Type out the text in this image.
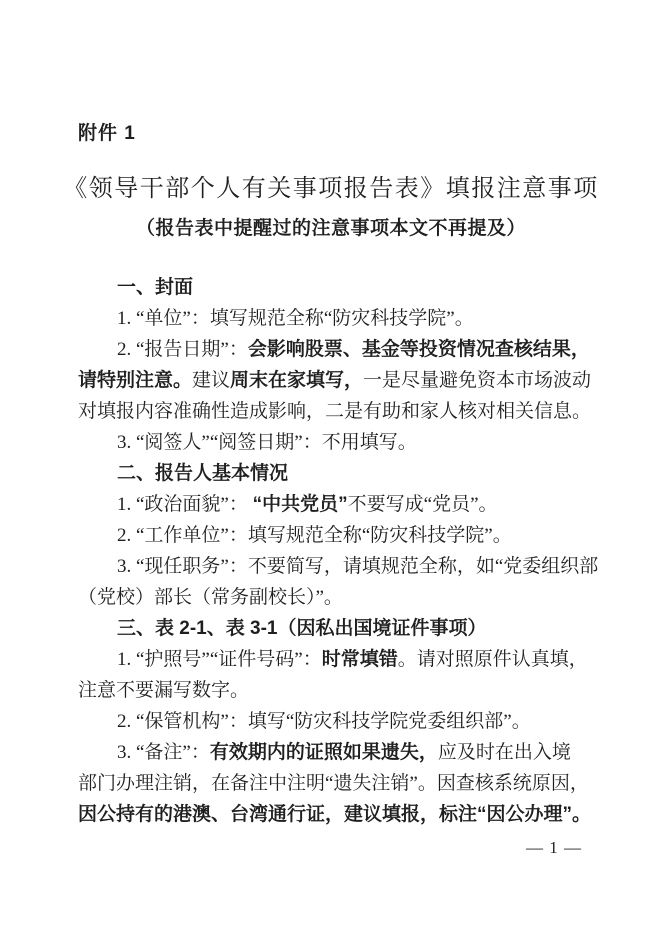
附件 1
《领导干部个人有关事项报告表》填报注意事项
（报告表中提醒过的注意事项本文不再提及）
一、封面
1. “单位”：填写规范全称“防灾科技学院”。
2. “报告日期”：会影响股票、基金等投资情况查核结果，
请特别注意。建议周末在家填写，一是尽量避免资本市场波动
对填报内容准确性造成影响，二是有助和家人核对相关信息。
3. “阅签人”“阅签日期”：不用填写。
二、报告人基本情况
1. “政治面貌”： “中共党员”不要写成“党员”。
2. “工作单位”：填写规范全称“防灾科技学院”。
3. “现任职务”：不要简写，请填规范全称，如“党委组织部
（党校）部长（常务副校长）”。
三、表 2-1、表 3-1（因私出国境证件事项）
1. “护照号”“证件号码”：时常填错。请对照原件认真填，
注意不要漏写数字。
2. “保管机构”：填写“防灾科技学院党委组织部”。
3. “备注”：有效期内的证照如果遗失，应及时在出入境
部门办理注销，在备注中注明“遗失注销”。因查核系统原因，
因公持有的港澳、台湾通行证，建议填报，标注“因公办理”。
— 1 —
